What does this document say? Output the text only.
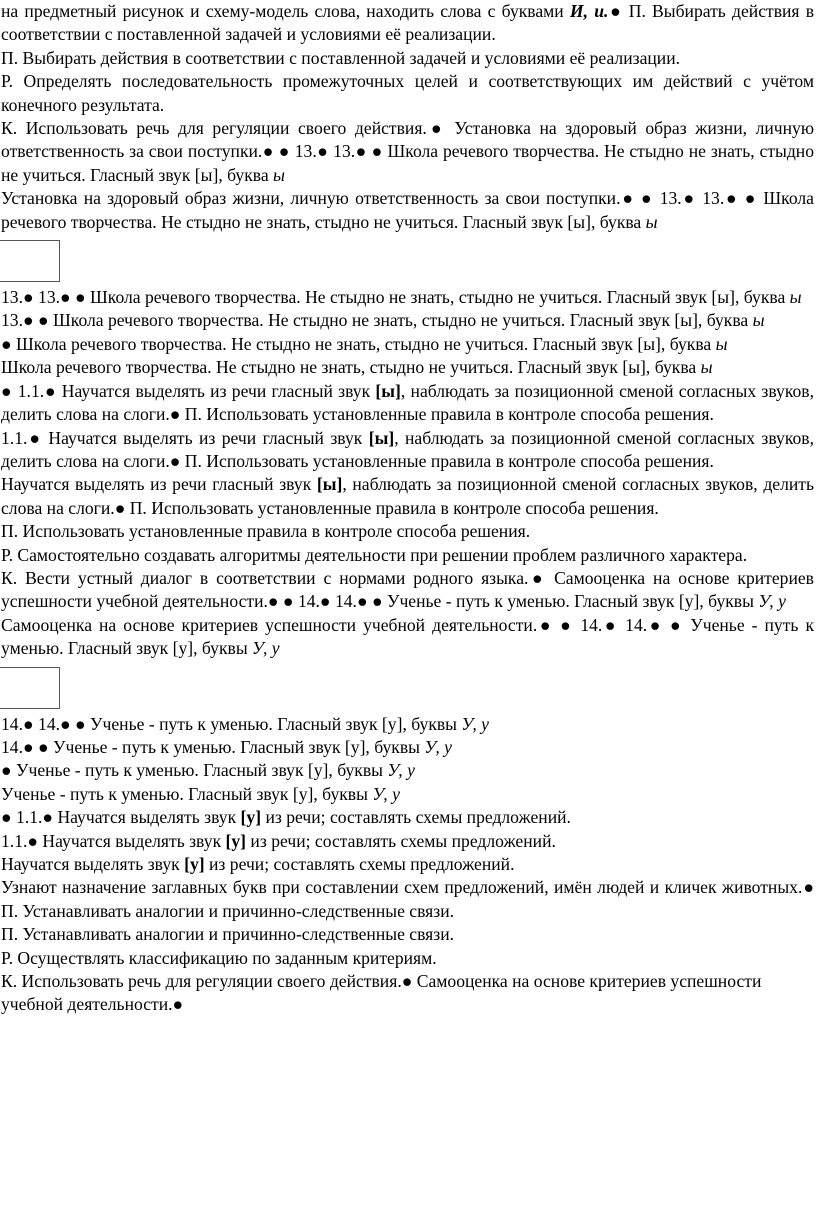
на предметный рисунок и схему-модель слова, находить слова с буквами И, и.● П. Выбирать действия в соответствии с поставленной задачей и условиями её реализации.

П. Выбирать действия в соответствии с поставленной задачей и условиями её реализации.

Р. Определять последовательность промежуточных целей и соответствующих им действий с учётом конечного результата.

К. Использовать речь для регуляции своего действия.● Установка на здоровый образ жизни, личную ответственность за свои поступки.● ● 13.● 13.● ● Школа речевого творчества. Не стыдно не знать, стыдно не учиться. Гласный звук [ы], буква ы

Установка на здоровый образ жизни, личную ответственность за свои поступки.● ● 13.● 13.● ● Школа речевого творчества. Не стыдно не знать, стыдно не учиться. Гласный звук [ы], буква ы

13.● 13.● ● Школа речевого творчества. Не стыдно не знать, стыдно не учиться. Гласный звук [ы], буква ы

13.● ● Школа речевого творчества. Не стыдно не знать, стыдно не учиться. Гласный звук [ы], буква ы

● Школа речевого творчества. Не стыдно не знать, стыдно не учиться. Гласный звук [ы], буква ы

Школа речевого творчества. Не стыдно не знать, стыдно не учиться. Гласный звук [ы], буква ы

● 1.1.● Научатся выделять из речи гласный звук [ы], наблюдать за позиционной сменой согласных звуков, делить слова на слоги.● П. Использовать установленные правила в контроле способа решения.

1.1.● Научатся выделять из речи гласный звук [ы], наблюдать за позиционной сменой согласных звуков, делить слова на слоги.● П. Использовать установленные правила в контроле способа решения.

Научатся выделять из речи гласный звук [ы], наблюдать за позиционной сменой согласных звуков, делить слова на слоги.● П. Использовать установленные правила в контроле способа решения.

П. Использовать установленные правила в контроле способа решения.

Р. Самостоятельно создавать алгоритмы деятельности при решении проблем различного характера.

К. Вести устный диалог в соответствии с нормами родного языка.● Самооценка на основе критериев успешности учебной деятельности.● ● 14.● 14.● ● Ученье - путь к уменью. Гласный звук [у], буквы У, у

Самооценка на основе критериев успешности учебной деятельности.● ● 14.● 14.● ● Ученье - путь к уменью. Гласный звук [у], буквы У, у

14.● 14.● ● Ученье - путь к уменью. Гласный звук [у], буквы У, у

14.● ● Ученье - путь к уменью. Гласный звук [у], буквы У, у

● Ученье - путь к уменью. Гласный звук [у], буквы У, у

Ученье - путь к уменью. Гласный звук [у], буквы У, у

● 1.1.● Научатся выделять звук [у] из речи; составлять схемы предложений.

1.1.● Научатся выделять звук [у] из речи; составлять схемы предложений.

Научатся выделять звук [у] из речи; составлять схемы предложений.

Узнают назначение заглавных букв при составлении схем предложений, имён людей и кличек животных.● П. Устанавливать аналогии и причинно-следственные связи.

П. Устанавливать аналогии и причинно-следственные связи.

Р. Осуществлять классификацию по заданным критериям.

К. Использовать речь для регуляции своего действия.● Самооценка на основе критериев успешности учебной деятельности.●
